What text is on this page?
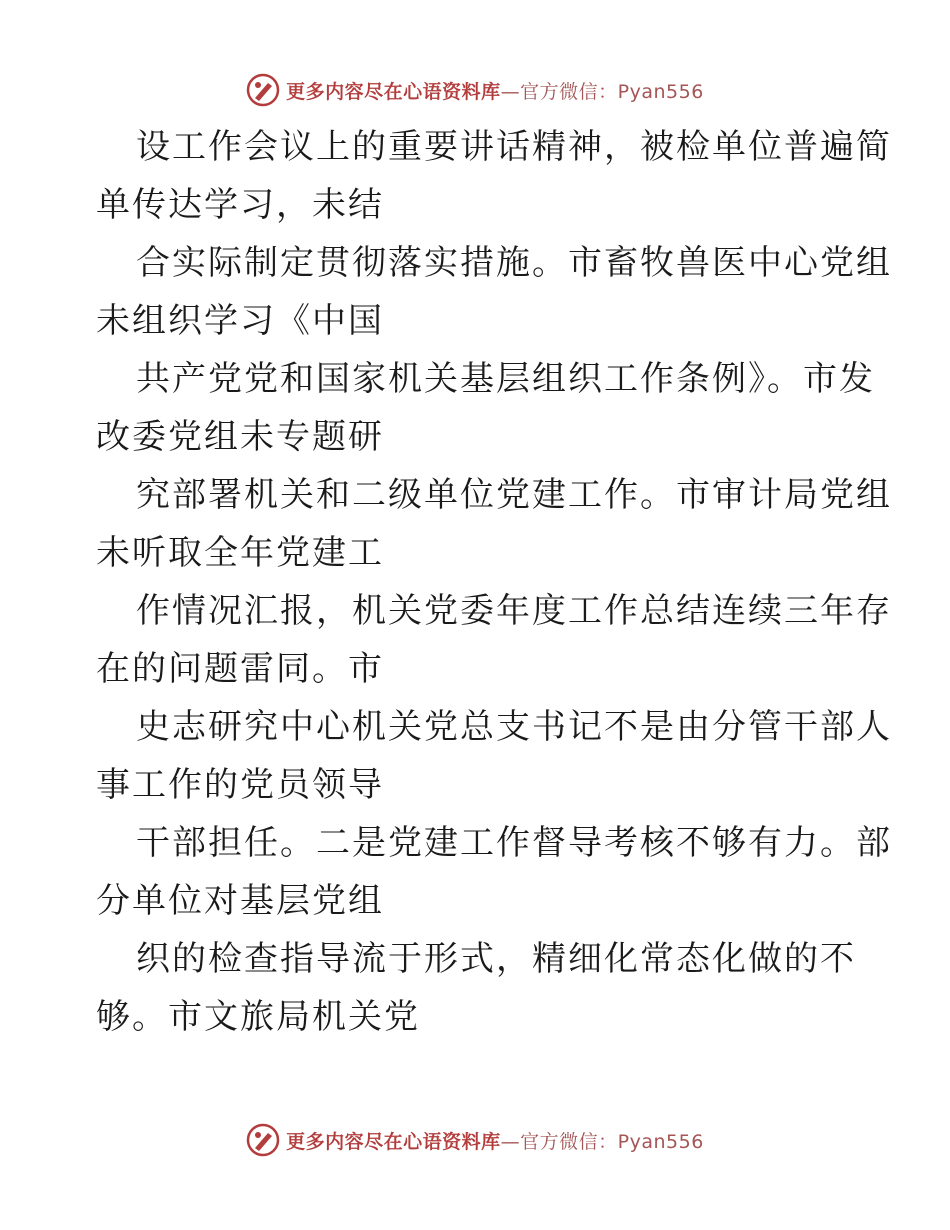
更多内容尽在心语资料库—官方微信：Pyan556
设工作会议上的重要讲话精神，被检单位普遍简
单传达学习，未结
合实际制定贯彻落实措施。市畜牧兽医中心党组
未组织学习《中国
共产党党和国家机关基层组织工作条例》。市发
改委党组未专题研
究部署机关和二级单位党建工作。市审计局党组
未听取全年党建工
作情况汇报，机关党委年度工作总结连续三年存
在的问题雷同。市
史志研究中心机关党总支书记不是由分管干部人
事工作的党员领导
干部担任。二是党建工作督导考核不够有力。部
分单位对基层党组
织的检查指导流于形式，精细化常态化做的不
够。市文旅局机关党
更多内容尽在心语资料库—官方微信：Pyan556
